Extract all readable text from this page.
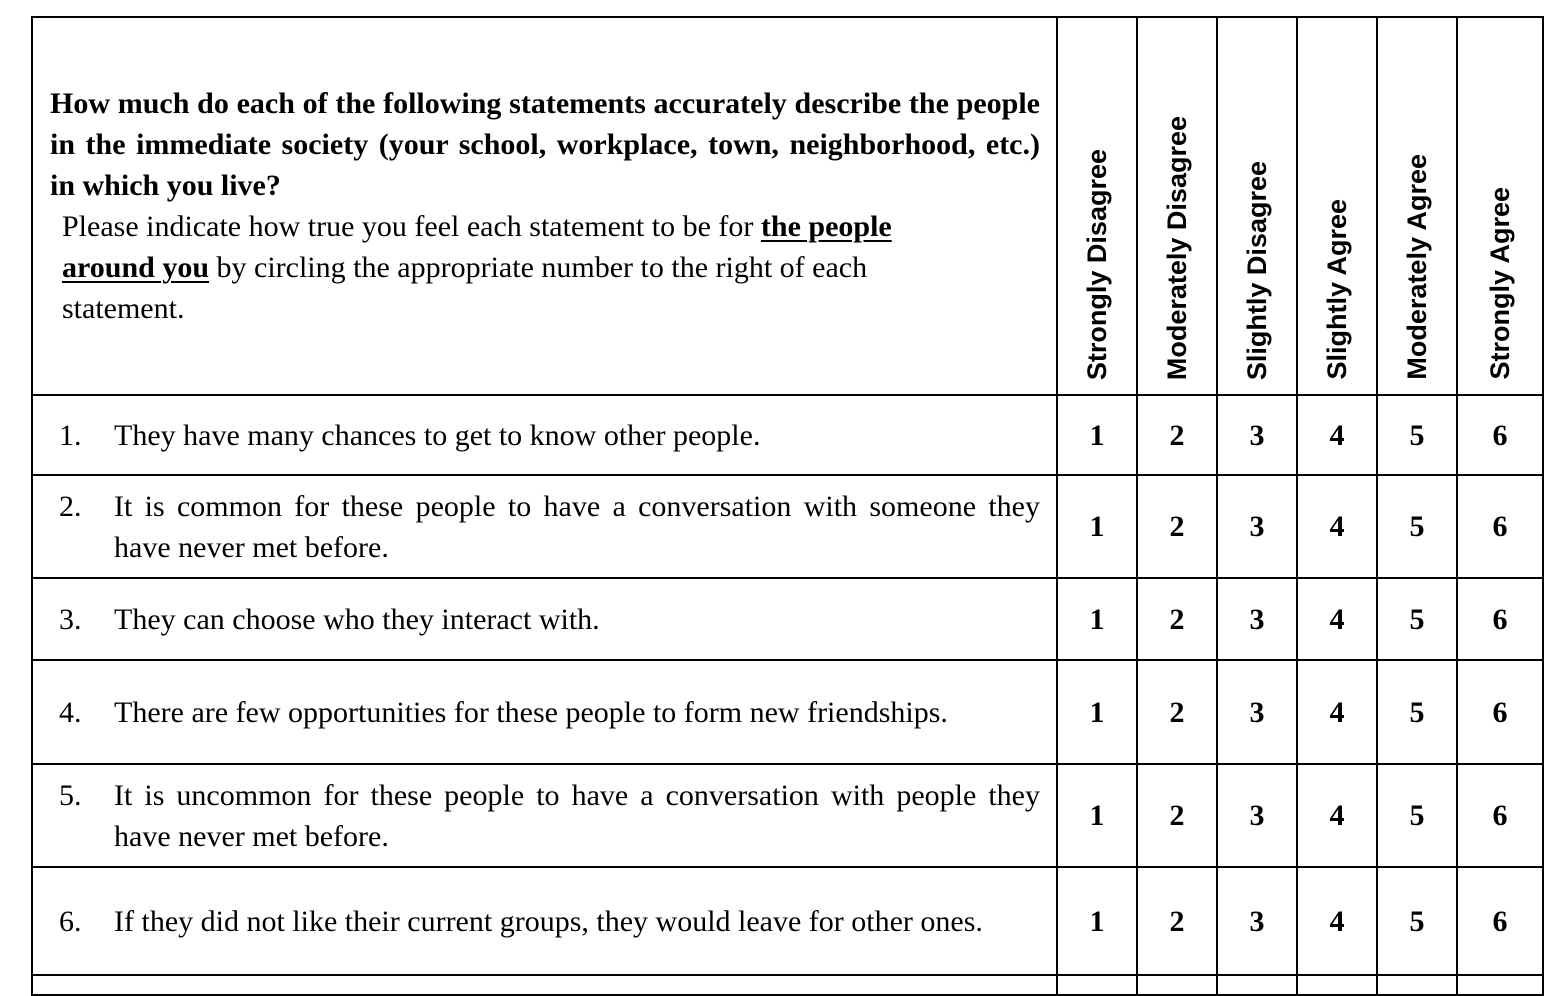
How much do each of the following statements accurately describe the people in the immediate society (your school, workplace, town, neighborhood, etc.) in which you live?
Please indicate how true you feel each statement to be for the people around you by circling the appropriate number to the right of each statement.	Strongly Disagree	Moderately Disagree	Slightly Disagree	Slightly Agree	Moderately Agree	Strongly Agree

1. They have many chances to get to know other people.	1	2	3	4	5	6

2. It is common for these people to have a conversation with someone they have never met before.	1	2	3	4	5	6

3. They can choose who they interact with.	1	2	3	4	5	6

4. There are few opportunities for these people to form new friendships.	1	2	3	4	5	6

5. It is uncommon for these people to have a conversation with people they have never met before.	1	2	3	4	5	6

6. If they did not like their current groups, they would leave for other ones.	1	2	3	4	5	6
